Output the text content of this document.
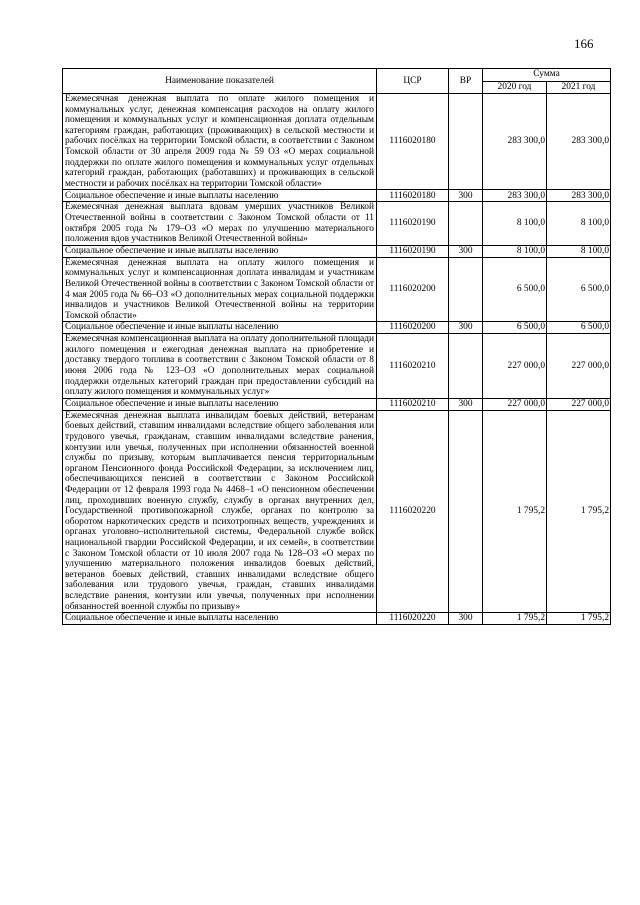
166
Наименование показателей	ЦСР	ВР	Сумма	
			2020 год	2021 год
Ежемесячная денежная выплата по оплате жилого помещения и коммунальных услуг, денежная компенсация расходов на оплату жилого помещения и коммунальных услуг и компенсационная доплата отдельным категориям граждан, работающих (проживающих) в сельской местности и рабочих посёлках на территории Томской области, в соответствии с Законом Томской области от 30 апреля 2009 года № 59 ОЗ «О мерах социальной поддержки по оплате жилого помещения и коммунальных услуг отдельных категорий граждан, работающих (работавших) и проживающих в сельской местности и рабочих посёлках на территории Томской области»	1116020180		283 300,0	283 300,0
Социальное обеспечение и иные выплаты населению	1116020180	300	283 300,0	283 300,0
Ежемесячная денежная выплата вдовам умерших участников Великой Отечественной войны в соответствии с Законом Томской области от 11 октября 2005 года № 179–ОЗ «О мерах по улучшению материального положения вдов участников Великой Отечественной войны»	1116020190		8 100,0	8 100,0
Социальное обеспечение и иные выплаты населению	1116020190	300	8 100,0	8 100,0
Ежемесячная денежная выплата на оплату жилого помещения и коммунальных услуг и компенсационная доплата инвалидам и участникам Великой Отечественной войны в соответствии с Законом Томской области от 4 мая 2005 года № 66–ОЗ «О дополнительных мерах социальной поддержки инвалидов и участников Великой Отечественной войны на территории Томской области»	1116020200		6 500,0	6 500,0
Социальное обеспечение и иные выплаты населению	1116020200	300	6 500,0	6 500,0
Ежемесячная компенсационная выплата на оплату дополнительной площади жилого помещения и ежегодная денежная выплата на приобретение и доставку твердого топлива в соответствии с Законом Томской области от 8 июня 2006 года № 123–ОЗ «О дополнительных мерах социальной поддержки отдельных категорий граждан при предоставлении субсидий на оплату жилого помещения и коммунальных услуг»	1116020210		227 000,0	227 000,0
Социальное обеспечение и иные выплаты населению	1116020210	300	227 000,0	227 000,0
Ежемесячная денежная выплата инвалидам боевых действий, ветеранам боевых действий, ставшим инвалидами вследствие общего заболевания или трудового увечья, гражданам, ставшим инвалидами вследствие ранения, контузии или увечья, полученных при исполнении обязанностей военной службы по призыву, которым выплачивается пенсия территориальным органом Пенсионного фонда Российской Федерации, за исключением лиц, обеспечивающихся пенсией в соответствии с Законом Российской Федерации от 12 февраля 1993 года № 4468–1 «О пенсионном обеспечении лиц, проходивших военную службу, службу в органах внутренних дел, Государственной противопожарной службе, органах по контролю за оборотом наркотических средств и психотропных веществ, учреждениях и органах уголовно–исполнительной системы, Федеральной службе войск национальной гвардии Российской Федерации, и их семей», в соответствии с Законом Томской области от 10 июля 2007 года № 128–ОЗ «О мерах по улучшению материального положения инвалидов боевых действий, ветеранов боевых действий, ставших инвалидами вследствие общего заболевания или трудового увечья, граждан, ставших инвалидами вследствие ранения, контузии или увечья, полученных при исполнении обязанностей военной службы по призыву»	1116020220		1 795,2	1 795,2
Социальное обеспечение и иные выплаты населению	1116020220	300	1 795,2	1 795,2
